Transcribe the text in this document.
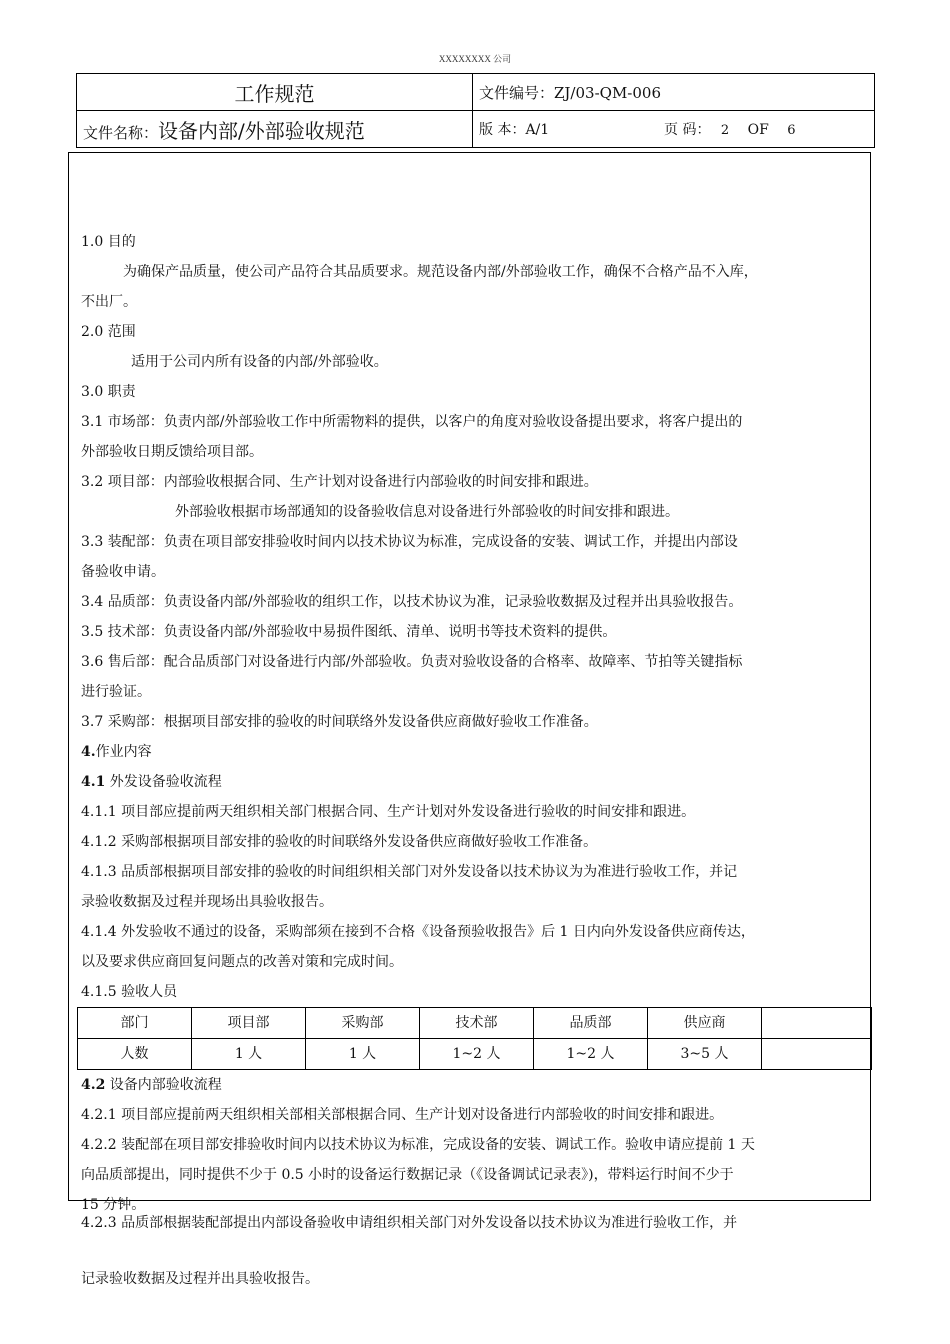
XXXXXXXX 公司
工作规范	文件编号：ZJ/03-QM-006
文件名称：设备内部/外部验收规范	版 本：A/1 页 码： 2 OF 6

1.0 目的

为确保产品质量，使公司产品符合其品质要求。规范设备内部/外部验收工作，确保不合格产品不入库，

不出厂。

2.0 范围

适用于公司内所有设备的内部/外部验收。

3.0 职责

3.1 市场部：负责内部/外部验收工作中所需物料的提供，以客户的角度对验收设备提出要求，将客户提出的

外部验收日期反馈给项目部。

3.2 项目部：内部验收根据合同、生产计划对设备进行内部验收的时间安排和跟进。

外部验收根据市场部通知的设备验收信息对设备进行外部验收的时间安排和跟进。

3.3 装配部：负责在项目部安排验收时间内以技术协议为标准，完成设备的安装、调试工作，并提出内部设

备验收申请。

3.4 品质部：负责设备内部/外部验收的组织工作，以技术协议为准，记录验收数据及过程并出具验收报告。

3.5 技术部：负责设备内部/外部验收中易损件图纸、清单、说明书等技术资料的提供。

3.6 售后部：配合品质部门对设备进行内部/外部验收。负责对验收设备的合格率、故障率、节拍等关键指标

进行验证。

3.7 采购部：根据项目部安排的验收的时间联络外发设备供应商做好验收工作准备。

4.作业内容

4.1 外发设备验收流程

4.1.1 项目部应提前两天组织相关部门根据合同、生产计划对外发设备进行验收的时间安排和跟进。

4.1.2 采购部根据项目部安排的验收的时间联络外发设备供应商做好验收工作准备。

4.1.3 品质部根据项目部安排的验收的时间组织相关部门对外发设备以技术协议为为准进行验收工作，并记

录验收数据及过程并现场出具验收报告。

4.1.4 外发验收不通过的设备，采购部须在接到不合格《设备预验收报告》后 1 日内向外发设备供应商传达，

以及要求供应商回复问题点的改善对策和完成时间。

4.1.5 验收人员

部门	项目部	采购部	技术部	品质部	供应商	
人数	1 人	1 人	1~2 人	1~2 人	3~5 人	

4.2 设备内部验收流程

4.2.1 项目部应提前两天组织相关部相关部根据合同、生产计划对设备进行内部验收的时间安排和跟进。

4.2.2 装配部在项目部安排验收时间内以技术协议为标准，完成设备的安装、调试工作。验收申请应提前 1 天

向品质部提出，同时提供不少于 0.5 小时的设备运行数据记录（《设备调试记录表》)，带料运行时间不少于

15 分钟。

4.2.3 品质部根据装配部提出内部设备验收申请组织相关部门对外发设备以技术协议为准进行验收工作，并

记录验收数据及过程并出具验收报告。
